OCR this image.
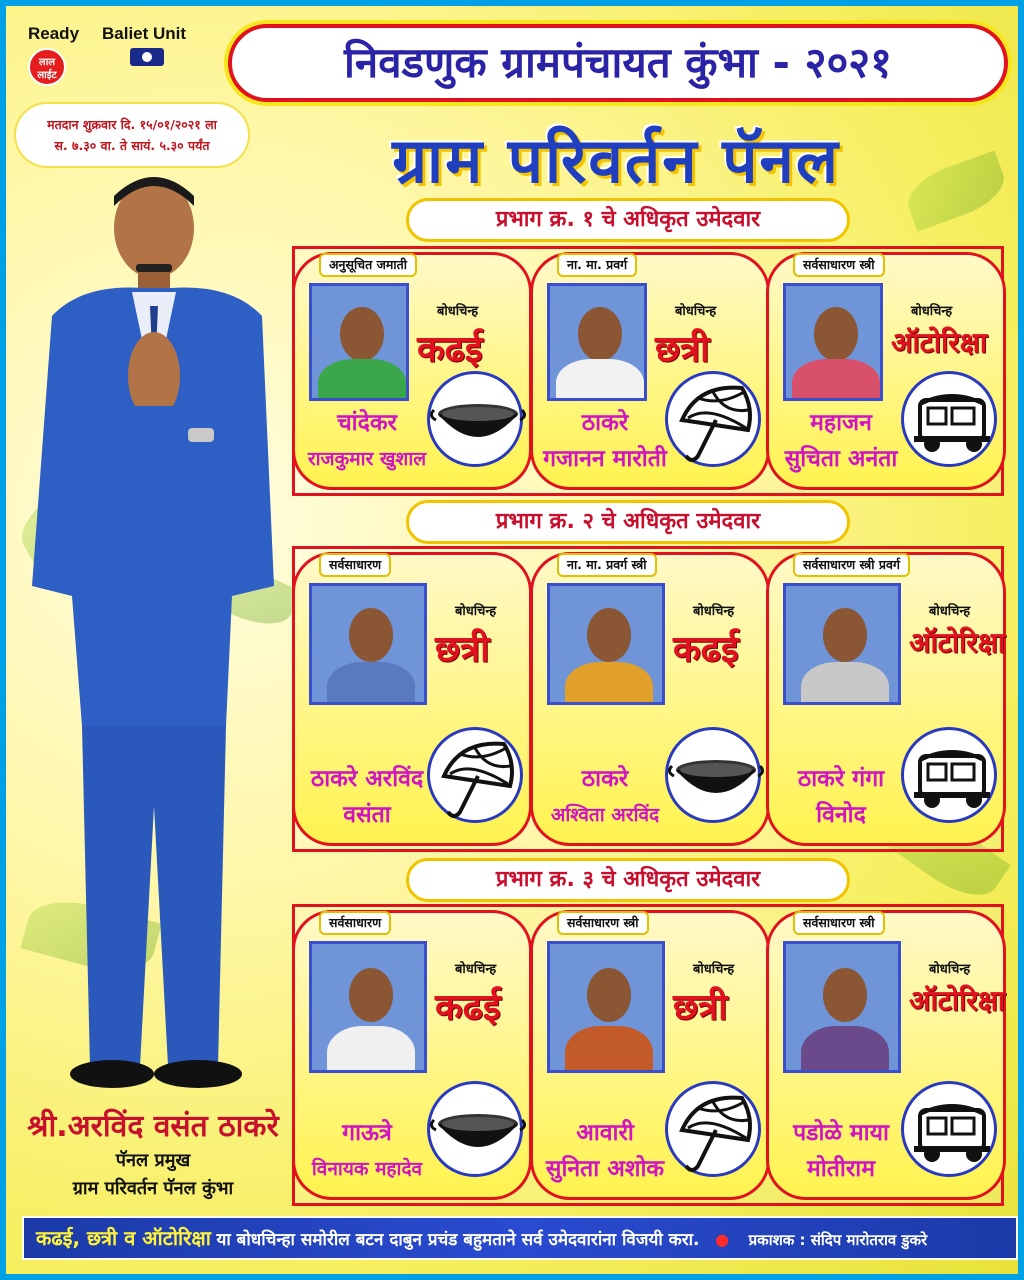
Ready
लाल लाईट
Baliet Unit
मतदान शुक्रवार दि. १५/०१/२०२१ ला
स. ७.३० वा. ते सायं. ५.३० पर्यंत
निवडणुक ग्रामपंचायत कुंभा - २०२१
ग्राम परिवर्तन पॅनल
श्री.अरविंद वसंत ठाकरे
पॅनल प्रमुख
ग्राम परिवर्तन पॅनल कुंभा
प्रभाग क्र. १ चे अधिकृत उमेदवार
प्रभाग क्र. २ चे अधिकृत उमेदवार
प्रभाग क्र. ३ चे अधिकृत उमेदवार
अनुसूचित जमाती
बोधचिन्ह
कढई
चांदेकर
राजकुमार खुशाल
ना. मा. प्रवर्ग
बोधचिन्ह
छत्री
ठाकरे
गजानन मारोती
सर्वसाधारण स्त्री
बोधचिन्ह
ऑटोरिक्षा
महाजन
सुचिता अनंता
सर्वसाधारण
बोधचिन्ह
छत्री
ठाकरे अरविंद
वसंता
ना. मा. प्रवर्ग स्त्री
बोधचिन्ह
कढई
ठाकरे
अश्विता अरविंद
सर्वसाधारण स्त्री प्रवर्ग
बोधचिन्ह
ऑटोरिक्षा
ठाकरे गंगा
विनोद
सर्वसाधारण
बोधचिन्ह
कढई
गाऊत्रे
विनायक महादेव
सर्वसाधारण स्त्री
बोधचिन्ह
छत्री
आवारी
सुनिता अशोक
सर्वसाधारण स्त्री
बोधचिन्ह
ऑटोरिक्षा
पडोळे माया
मोतीराम
कढई, छत्री व ऑटोरिक्षा या बोधचिन्हा समोरील बटन दाबुन प्रचंड बहुमताने सर्व उमेदवारांना विजयी करा. ● प्रकाशक : संदिप मारोतराव डुकरे
